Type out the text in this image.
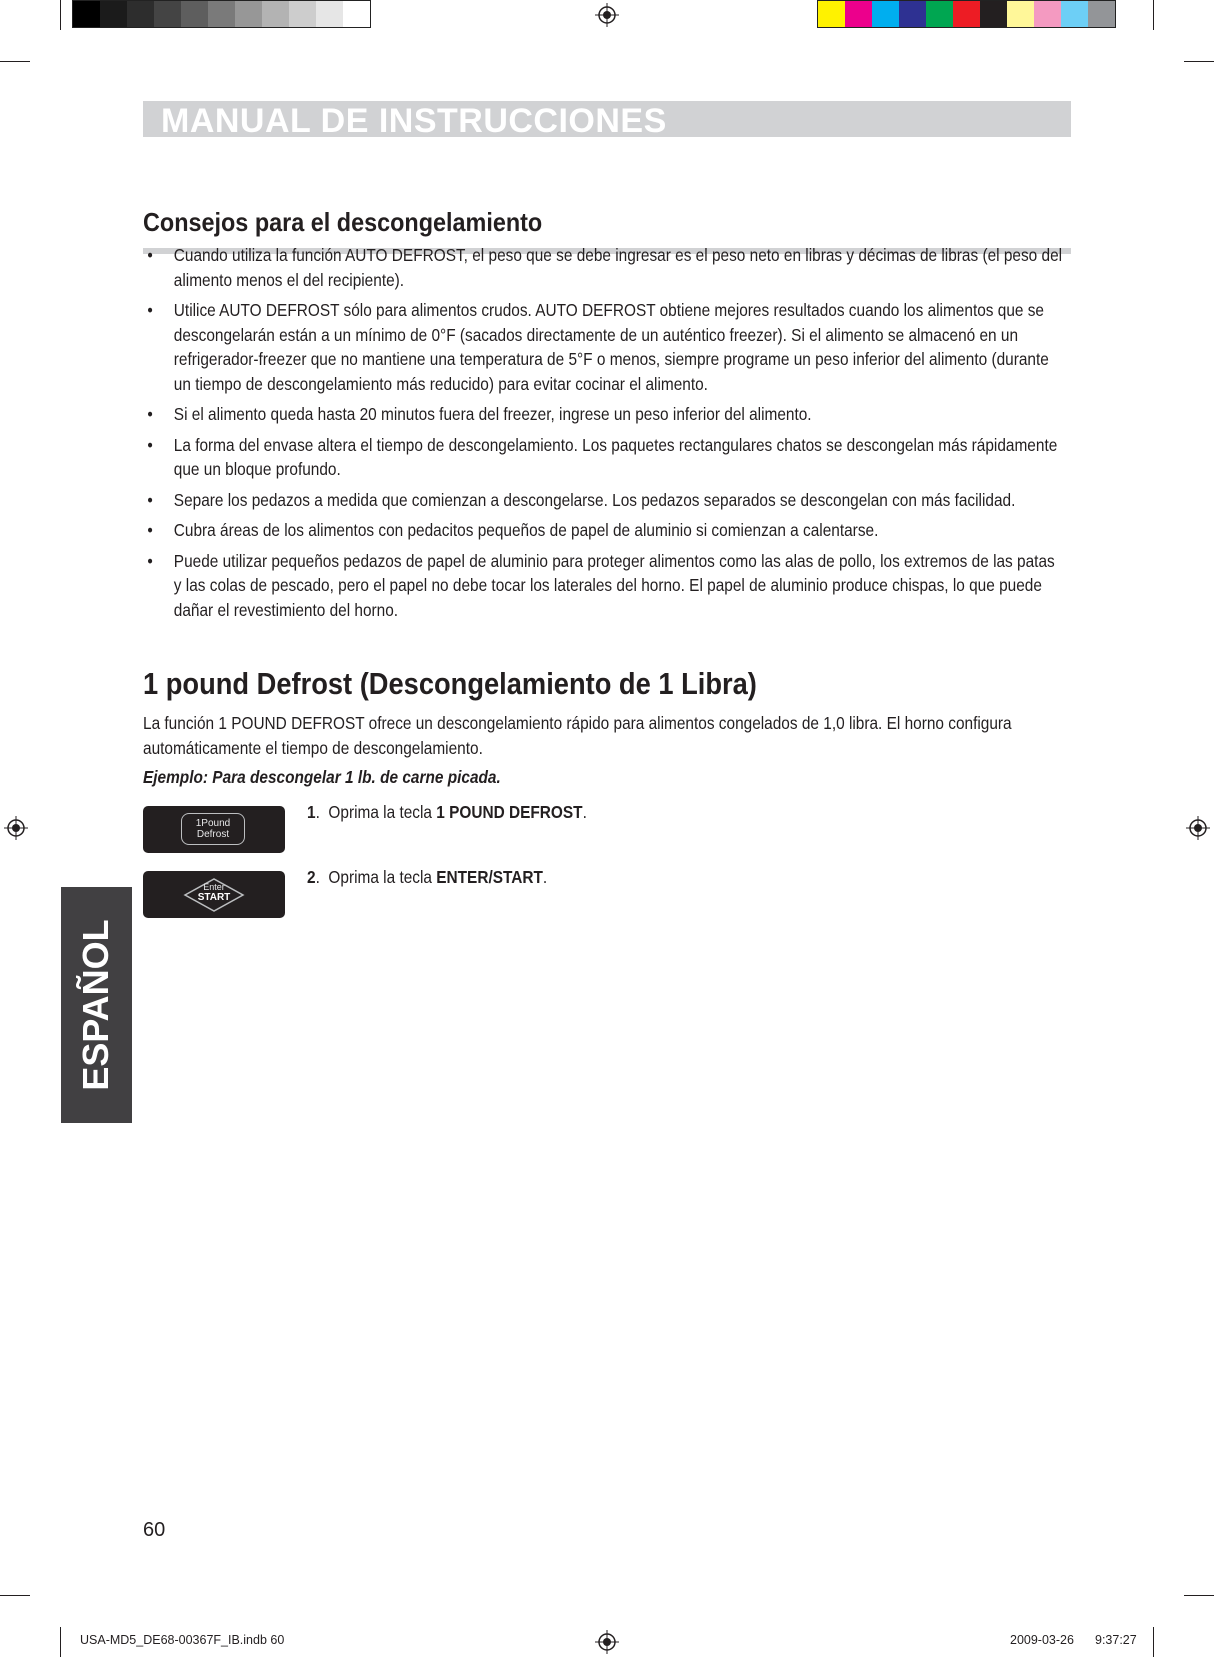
MANUAL DE INSTRUCCIONES
Consejos para el descongelamiento
• Cuando utiliza la función AUTO DEFROST, el peso que se debe ingresar es el peso neto en libras y décimas de libras (el peso del alimento menos el del recipiente).
• Utilice AUTO DEFROST sólo para alimentos crudos. AUTO DEFROST obtiene mejores resultados cuando los alimentos que se descongelarán están a un mínimo de 0°F (sacados directamente de un auténtico freezer). Si el alimento se almacenó en un refrigerador-freezer que no mantiene una temperatura de 5°F o menos, siempre programe un peso inferior del alimento (durante un tiempo de descongelamiento más reducido) para evitar cocinar el alimento.
• Si el alimento queda hasta 20 minutos fuera del freezer, ingrese un peso inferior del alimento.
• La forma del envase altera el tiempo de descongelamiento. Los paquetes rectangulares chatos se descongelan más rápidamente que un bloque profundo.
• Separe los pedazos a medida que comienzan a descongelarse. Los pedazos separados se descongelan con más facilidad.
• Cubra áreas de los alimentos con pedacitos pequeños de papel de aluminio si comienzan a calentarse.
• Puede utilizar pequeños pedazos de papel de aluminio para proteger alimentos como las alas de pollo, los extremos de las patas y las colas de pescado, pero el papel no debe tocar los laterales del horno. El papel de aluminio produce chispas, lo que puede dañar el revestimiento del horno.
1 pound Defrost (Descongelamiento de 1 Libra)
La función 1 POUND DEFROST ofrece un descongelamiento rápido para alimentos congelados de 1,0 libra. El horno configura automáticamente el tiempo de descongelamiento.
Ejemplo: Para descongelar 1 lb. de carne picada.
1Pound
Defrost
1.  Oprima la tecla 1 POUND DEFROST.
Enter
START
2.  Oprima la tecla ENTER/START.
ESPAÑOL
60
USA-MD5_DE68-00367F_IB.indb 60	2009-03-26 9:37:27
